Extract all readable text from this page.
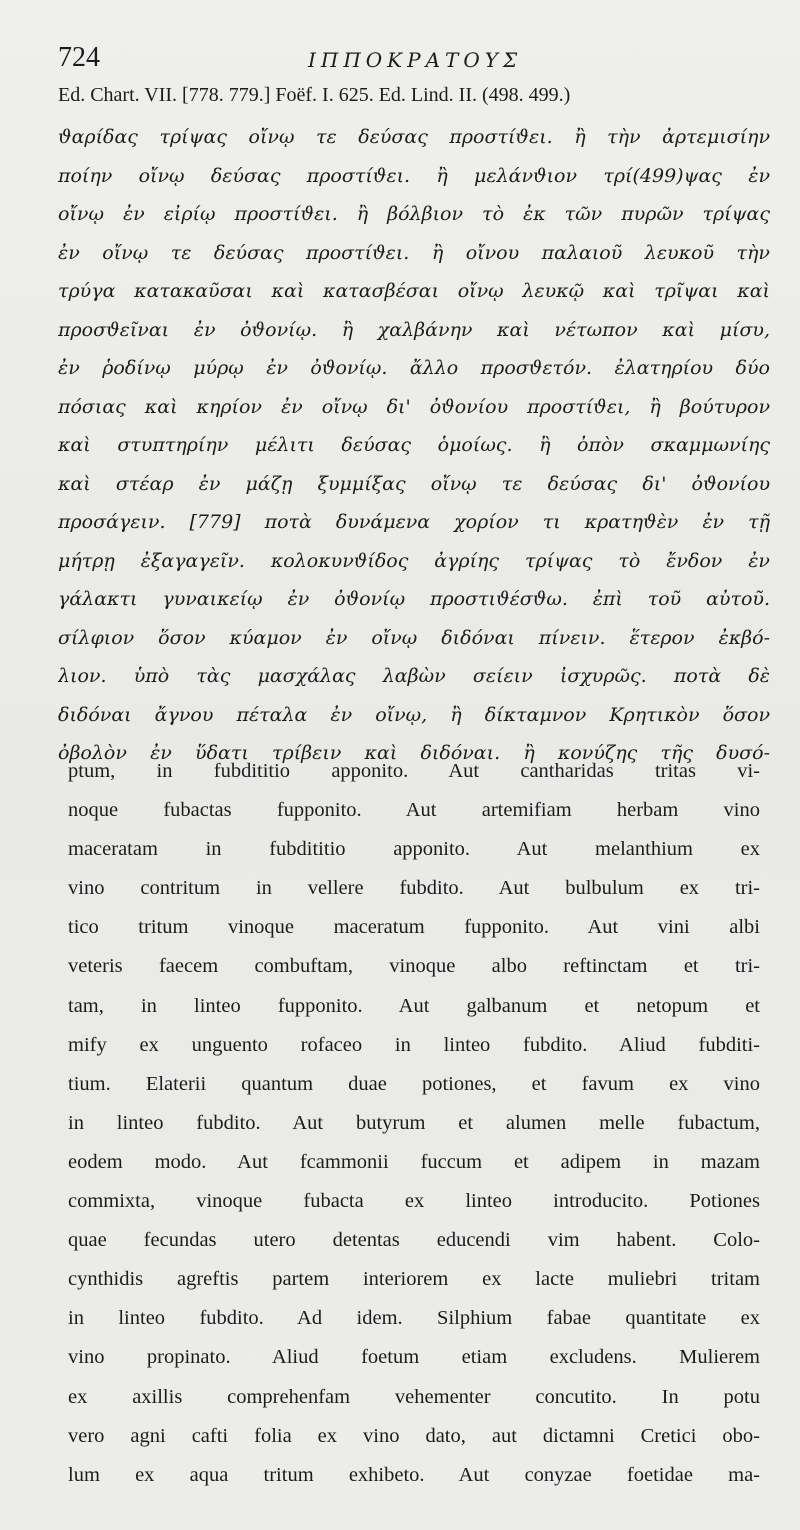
724	ΙΠΠΟΚΡΑΤΟΥΣ
Ed. Chart. VII. [778. 779.] Foëf. I. 625. Ed. Lind. II. (498. 499.)
ϑαρίδας τρίψας οἴνῳ τε δεύσας προστίϑει. ἢ τὴν ἀρτεμισίην
ποίην οἴνῳ δεύσας προστίϑει. ἢ μελάνϑιον τρί(499)ψας ἐν
οἴνῳ ἐν εἰρίῳ προστίϑει. ἢ βόλβιον τὸ ἐκ τῶν πυρῶν τρίψας
ἐν οἴνῳ τε δεύσας προστίϑει. ἢ οἴνου παλαιοῦ λευκοῦ τὴν
τρύγα κατακαῦσαι καὶ κατασβέσαι οἴνῳ λευκῷ καὶ τρῖψαι καὶ
προσϑεῖναι ἐν ὀϑονίῳ. ἢ χαλβάνην καὶ νέτωπον καὶ μίσυ,
ἐν ῥοδίνῳ μύρῳ ἐν ὀϑονίῳ. ἄλλο προσϑετόν. ἐλατηρίου δύο
πόσιας καὶ κηρίον ἐν οἴνῳ δι' ὀϑονίου προστίϑει, ἢ βούτυρον
καὶ στυπτηρίην μέλιτι δεύσας ὁμοίως. ἢ ὀπὸν σκαμμωνίης
καὶ στέαρ ἐν μάζῃ ξυμμίξας οἴνῳ τε δεύσας δι' ὀϑονίου
προσάγειν. [779] ποτὰ δυνάμενα χορίον τι κρατηϑὲν ἐν τῇ
μήτρῃ ἐξαγαγεῖν. κολοκυνϑίδος ἀγρίης τρίψας τὸ ἔνδον ἐν
γάλακτι γυναικείῳ ἐν ὀϑονίῳ προστιϑέσϑω. ἐπὶ τοῦ αὐτοῦ.
σίλφιον ὅσον κύαμον ἐν οἴνῳ διδόναι πίνειν. ἕτερον ἐκβό-
λιον. ὑπὸ τὰς μασχάλας λαβὼν σείειν ἰσχυρῶς. ποτὰ δὲ
διδόναι ἄγνου πέταλα ἐν οἴνῳ, ἢ δίκταμνον Κρητικὸν ὅσον
ὀβολὸν ἐν ὕδατι τρίβειν καὶ διδόναι. ἢ κονύζης τῆς δυσό-
ptum, in fubdititio apponito. Aut cantharidas tritas vi-
noque fubactas fupponito. Aut artemifiam herbam vino
maceratam in fubdititio apponito. Aut melanthium ex
vino contritum in vellere fubdito. Aut bulbulum ex tri-
tico tritum vinoque maceratum fupponito. Aut vini albi
veteris faecem combuftam, vinoque albo reftinctam et tri-
tam, in linteo fupponito. Aut galbanum et netopum et
mify ex unguento rofaceo in linteo fubdito. Aliud fubditi-
tium. Elaterii quantum duae potiones, et favum ex vino
in linteo fubdito. Aut butyrum et alumen melle fubactum,
eodem modo. Aut fcammonii fuccum et adipem in mazam
commixta, vinoque fubacta ex linteo introducito. Potiones
quae fecundas utero detentas educendi vim habent. Colo-
cynthidis agreftis partem interiorem ex lacte muliebri tritam
in linteo fubdito. Ad idem. Silphium fabae quantitate ex
vino propinato. Aliud foetum etiam excludens. Mulierem
ex axillis comprehenfam vehementer concutito. In potu
vero agni cafti folia ex vino dato, aut dictamni Cretici obo-
lum ex aqua tritum exhibeto. Aut conyzae foetidae ma-
